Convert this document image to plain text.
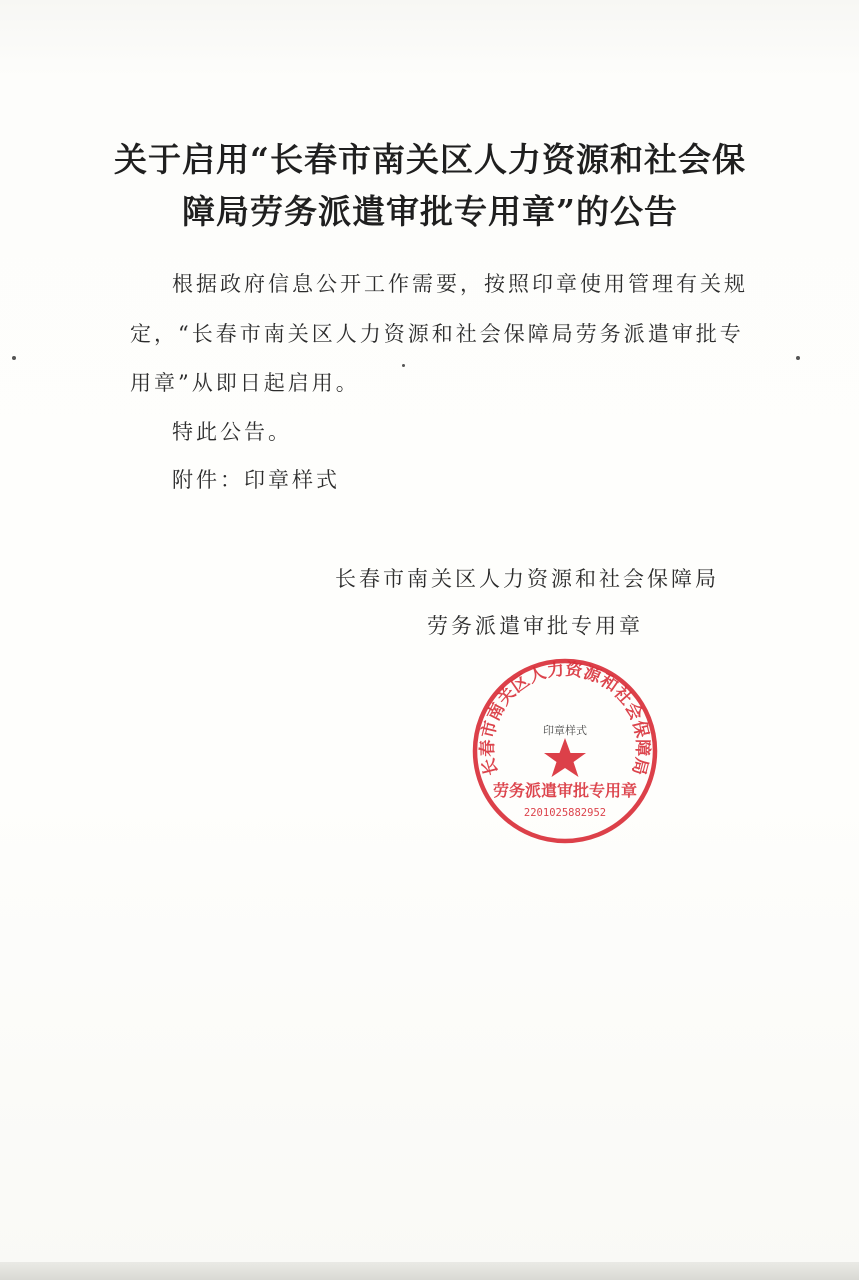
关于启用“长春市南关区人力资源和社会保
障局劳务派遣审批专用章”的公告
根据政府信息公开工作需要，按照印章使用管理有关规
定，“长春市南关区人力资源和社会保障局劳务派遣审批专
用章”从即日起启用。
特此公告。
附件：印章样式
长春市南关区人力资源和社会保障局
劳务派遣审批专用章
长春市南关区人力资源和社会保障局
印章样式
劳务派遣审批专用章
2201025882952
